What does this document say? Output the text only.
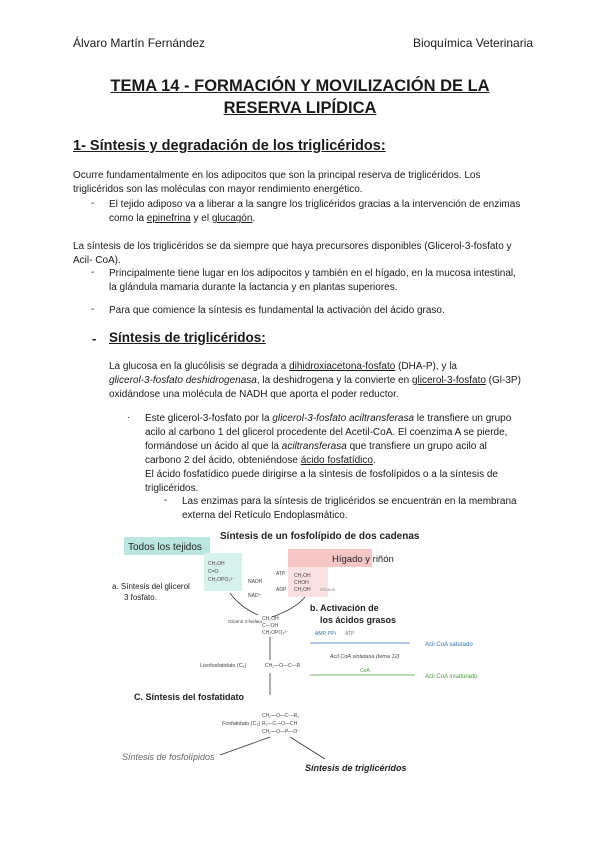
Álvaro Martín Fernández	Bioquímica Veterinaria
TEMA 14 - FORMACIÓN Y MOVILIZACIÓN DE LA
RESERVA LIPÍDICA
1- Síntesis y degradación de los triglicéridos:
Ocurre fundamentalmente en los adipocitos que son la principal reserva de triglicéridos. Los
triglicéridos son las moléculas con mayor rendimiento energético.
- El tejido adiposo va a liberar a la sangre los triglicéridos gracias a la intervención de enzimas
como la epinefrina y el glucagón.
La síntesis de los triglicéridos se da siempre que haya precursores disponibles (Glicerol-3-fosfato y
Acil- CoA).
- Principalmente tiene lugar en los adipocitos y también en el hígado, en la mucosa intestinal,
la glándula mamaria durante la lactancia y en plantas superiores.
- Para que comience la síntesis es fundamental la activación del ácido graso.
- Síntesis de triglicéridos:
La glucosa en la glucólisis se degrada a dihidroxiacetona-fosfato (DHA-P), y la
glicerol-3-fosfato deshidrogenasa, la deshidrogena y la convierte en glicerol-3-fosfato (Gl-3P)
oxidándose una molécula de NADH que aporta el poder reductor.
· Este glicerol-3-fosfato por la glicerol-3-fosfato aciltransferasa le transfiere un grupo
acilo al carbono 1 del glicerol procedente del Acetil-CoA. El coenzima A se pierde,
formándose un ácido al que la aciltransferasa que transfiere un grupo acilo al
carbono 2 del ácido, obteniéndose ácido fosfatídico.
El ácido fosfatídico puede dirigirse a la síntesis de fosfolípidos o a la síntesis de
triglicéridos.
- Las enzimas para la síntesis de triglicéridos se encuentran en la membrana
externa del Retículo Endoplasmático.
Síntesis de un fosfolípido de dos cadenas
Todos los tejidos
Hígado y riñón
CH₂OH
C=O
CH₂OPO₃²⁻
CH₂OH
CHOH
CH₂OH Glicerol
a. Síntesis del glicerol
3 fosfato.
NADH
NAD⁺
ATP
ADP
CH₂OH
C—OH
CH₂OPO₃²⁻
Glicerol 3-fosfato
b. Activación de
los ácidos grasos
AMP, PPi ATP
Acil CoA saturado
Acil CoA sintetasa (tema 12)
CoA
Acil CoA insaturado
Lisofosfatidato (C₁)	CH₂—O—C—R
C. Síntesis del fosfatidato
Fosfatidato (C₂)
CH₂—O—C—R₁
R₂—C—O—CH
CH₂—O—P—O⁻
Síntesis de fosfolípidos
Síntesis de triglicéridos
